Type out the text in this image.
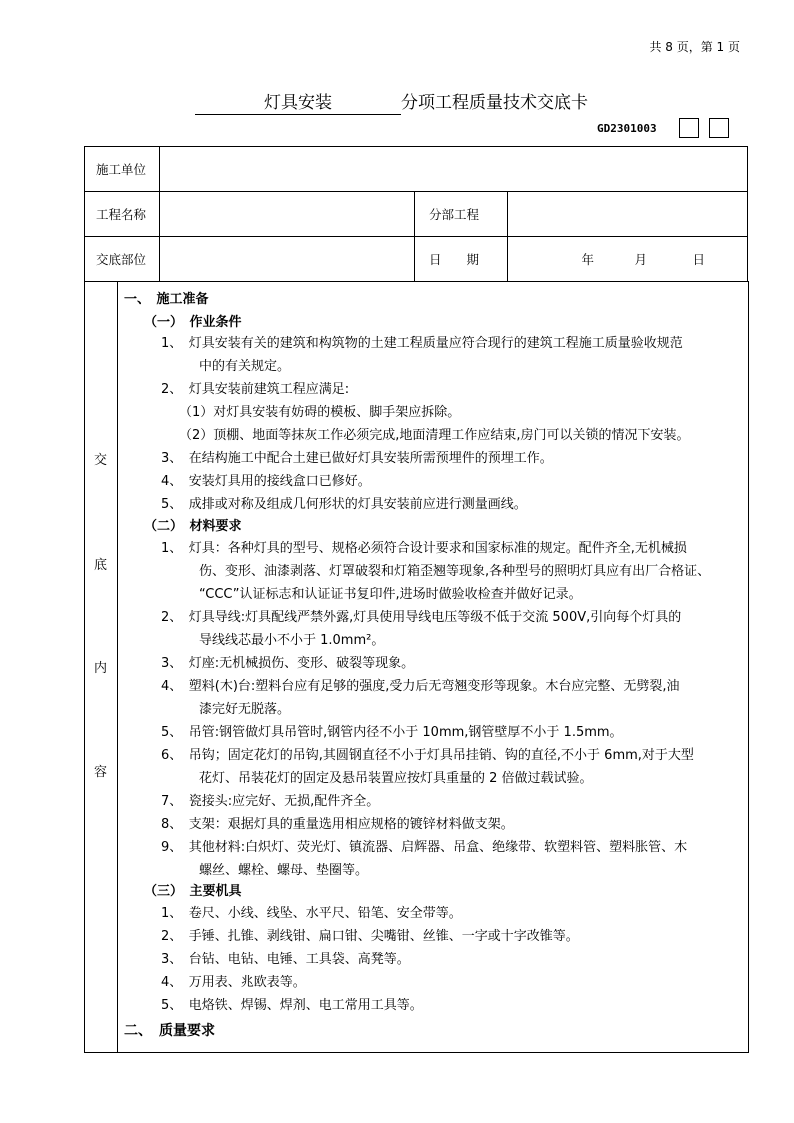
共 8 页，第 1 页
灯具安装	分项工程质量技术交底卡
GD2301003
施工单位			
工程名称		分部工程	
交底部位		日　　期	年 月 日
交
底
内
容
一、　施工准备
（一）　作业条件
1、　灯具安装有关的建筑和构筑物的土建工程质量应符合现行的建筑工程施工质量验收规范
中的有关规定。
2、　灯具安装前建筑工程应满足:
（1）对灯具安装有妨碍的模板、脚手架应拆除。
（2）顶棚、地面等抹灰工作必须完成,地面清理工作应结束,房门可以关锁的情况下安装。
3、　在结构施工中配合土建已做好灯具安装所需预埋件的预埋工作。
4、　安装灯具用的接线盒口已修好。
5、　成排或对称及组成几何形状的灯具安装前应进行测量画线。
（二）　材料要求
1、　灯具：各种灯具的型号、规格必须符合设计要求和国家标准的规定。配件齐全,无机械损
伤、变形、油漆剥落、灯罩破裂和灯箱歪翘等现象,各种型号的照明灯具应有出厂合格证、
“CCC”认证标志和认证证书复印件,进场时做验收检查并做好记录。
2、　灯具导线:灯具配线严禁外露,灯具使用导线电压等级不低于交流 500V,引向每个灯具的
导线线芯最小不小于 1.0mm²。
3、　灯座:无机械损伤、变形、破裂等现象。
4、　塑料(木)台:塑料台应有足够的强度,受力后无弯翘变形等现象。木台应完整、无劈裂,油
漆完好无脱落。
5、　吊管:钢管做灯具吊管时,钢管内径不小于 10mm,钢管壁厚不小于 1.5mm。
6、　吊钩；固定花灯的吊钩,其圆钢直径不小于灯具吊挂销、钩的直径,不小于 6mm,对于大型
花灯、吊装花灯的固定及悬吊装置应按灯具重量的 2 倍做过载试验。
7、　瓷接头:应完好、无损,配件齐全。
8、　支架：艰据灯具的重量选用相应规格的镀锌材料做支架。
9、　其他材料:白炽灯、荧光灯、镇流器、启辉器、吊盒、绝缘带、软塑料管、塑料胀管、木
螺丝、螺栓、螺母、垫圈等。
（三）　主要机具
1、　卷尺、小线、线坠、水平尺、铅笔、安全带等。
2、　手锤、扎锥、剥线钳、扁口钳、尖嘴钳、丝锥、一字或十字改锥等。
3、　台钻、电钻、电锤、工具袋、高凳等。
4、　万用表、兆欧表等。
5、　电烙铁、焊锡、焊剂、电工常用工具等。
二、　质量要求
